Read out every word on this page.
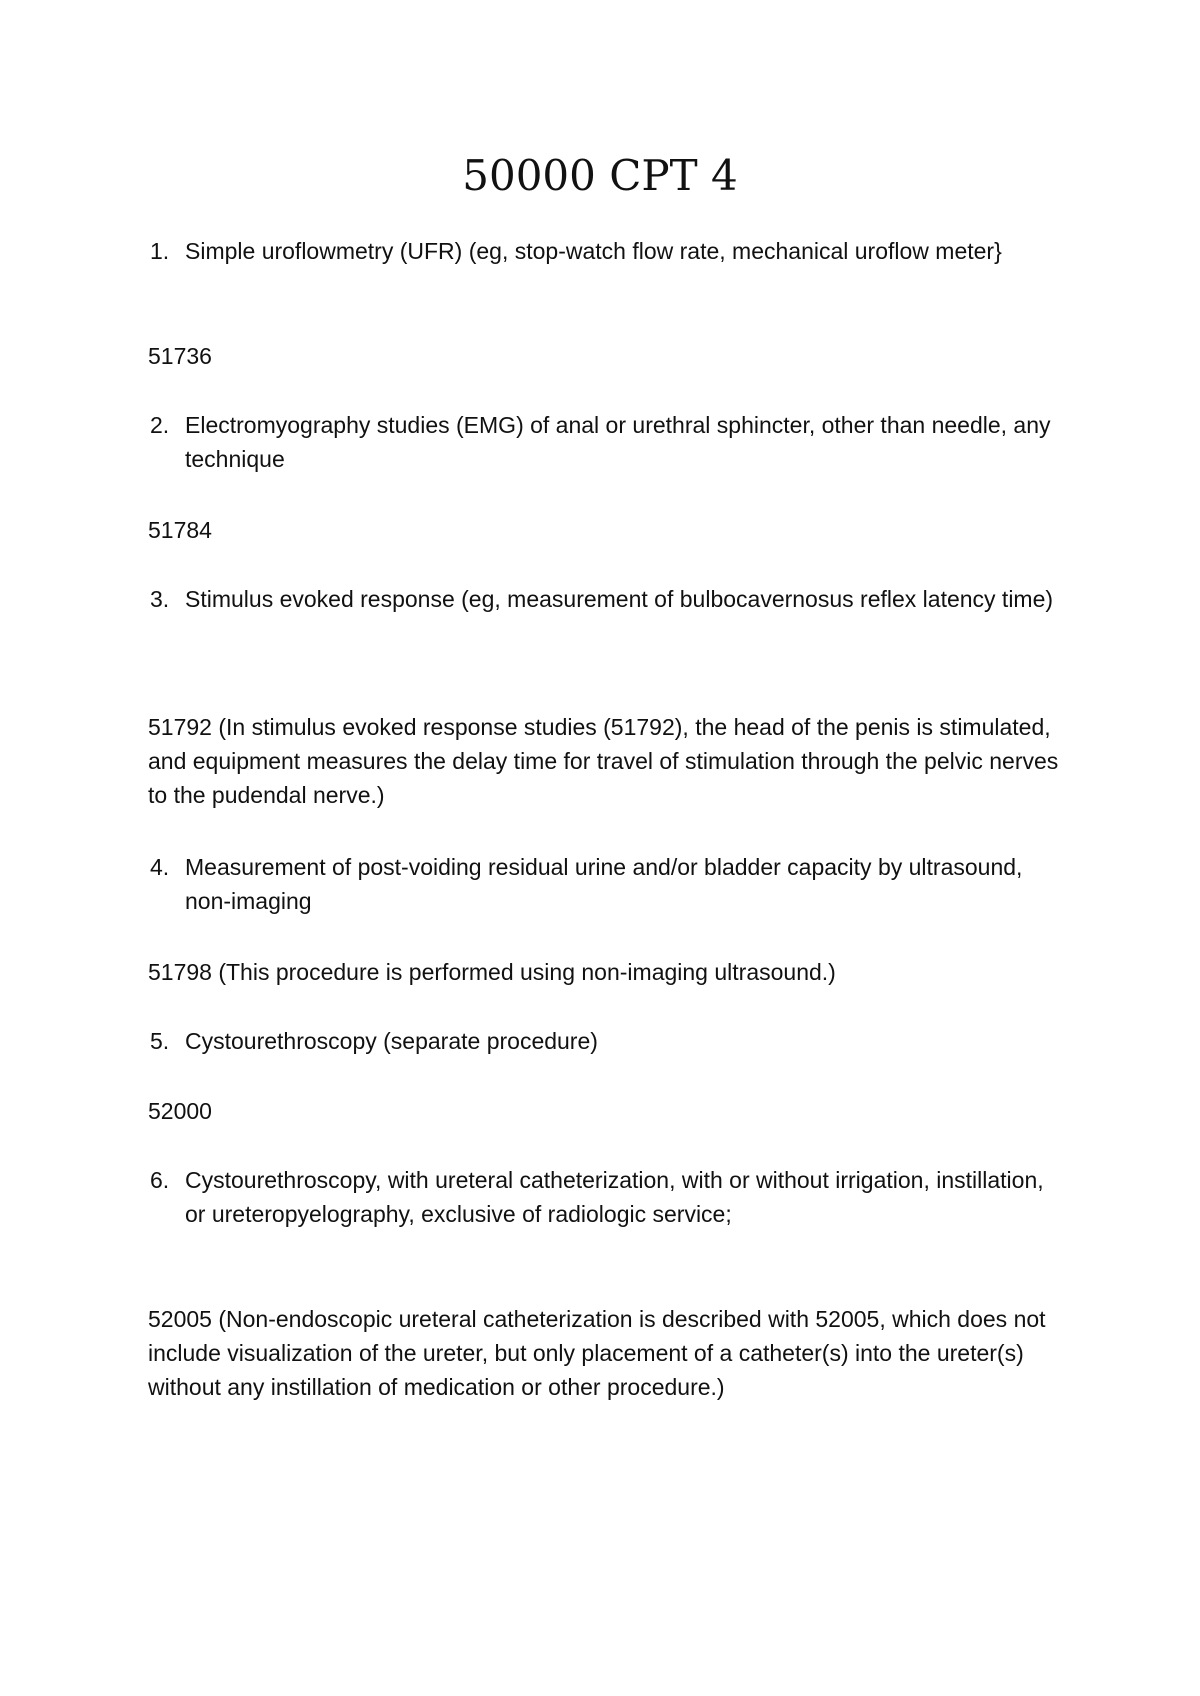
50000 CPT 4
1. Simple uroflowmetry (UFR) (eg, stop-watch flow rate, mechanical uroflow meter}
51736
2. Electromyography studies (EMG) of anal or urethral sphincter, other than needle, any technique
51784
3. Stimulus evoked response (eg, measurement of bulbocavernosus reflex latency time)
51792 (In stimulus evoked response studies (51792), the head of the penis is stimulated, and equipment measures the delay time for travel of stimulation through the pelvic nerves to the pudendal nerve.)
4. Measurement of post-voiding residual urine and/or bladder capacity by ultrasound, non-imaging
51798 (This procedure is performed using non-imaging ultrasound.)
5. Cystourethroscopy (separate procedure)
52000
6. Cystourethroscopy, with ureteral catheterization, with or without irrigation, instillation, or ureteropyelography, exclusive of radiologic service;
52005 (Non-endoscopic ureteral catheterization is described with 52005, which does not include visualization of the ureter, but only placement of a catheter(s) into the ureter(s) without any instillation of medication or other procedure.)
